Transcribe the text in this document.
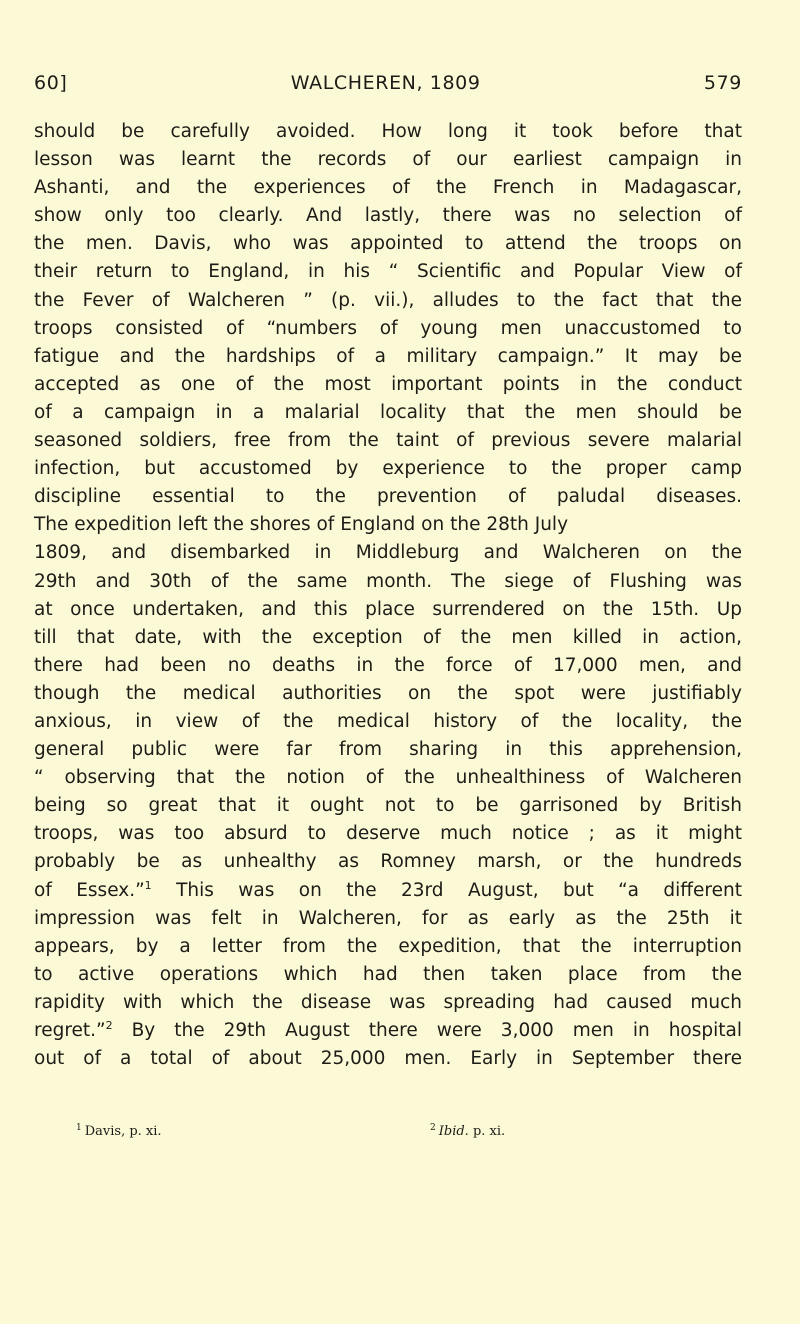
60]	WALCHEREN, 1809	579
should be carefully avoided. How long it took before that
lesson was learnt the records of our earliest campaign in
Ashanti, and the experiences of the French in Madagascar,
show only too clearly. And lastly, there was no selection of
the men. Davis, who was appointed to attend the troops on
their return to England, in his “ Scientific and Popular View of
the Fever of Walcheren ” (p. vii.), alludes to the fact that the
troops consisted of “numbers of young men unaccustomed to
fatigue and the hardships of a military campaign.” It may be
accepted as one of the most important points in the conduct
of a campaign in a malarial locality that the men should be
seasoned soldiers, free from the taint of previous severe malarial
infection, but accustomed by experience to the proper camp
discipline essential to the prevention of paludal diseases.
The expedition left the shores of England on the 28th July
1809, and disembarked in Middleburg and Walcheren on the
29th and 30th of the same month. The siege of Flushing was
at once undertaken, and this place surrendered on the 15th. Up
till that date, with the exception of the men killed in action,
there had been no deaths in the force of 17,000 men, and
though the medical authorities on the spot were justifiably
anxious, in view of the medical history of the locality, the
general public were far from sharing in this apprehension,
“ observing that the notion of the unhealthiness of Walcheren
being so great that it ought not to be garrisoned by British
troops, was too absurd to deserve much notice ; as it might
probably be as unhealthy as Romney marsh, or the hundreds
of Essex.”$^1$ This was on the 23rd August, but “a different
impression was felt in Walcheren, for as early as the 25th it
appears, by a letter from the expedition, that the interruption
to active operations which had then taken place from the
rapidity with which the disease was spreading had caused much
regret.”$^2$ By the 29th August there were 3,000 men in hospital
out of a total of about 25,000 men. Early in September there
$^1$ Davis, p. xi.	$^2$ Ibid. p. xi.
